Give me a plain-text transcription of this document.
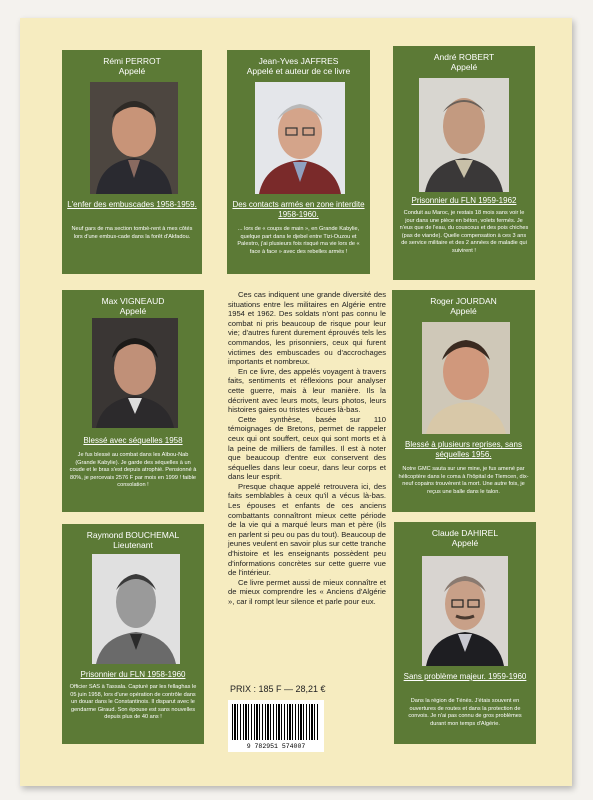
Rémi PERROT
Appelé
L'enfer des embuscades 1958-1959.
Neuf gars de ma section tombè-rent à mes côtés lors d'une embus-cade dans la forêt d'Akfadou.
Jean-Yves JAFFRES
Appelé et auteur de ce livre
Des contacts armés en zone interdite 1958-1960.
... lors de « coups de main », en Grande Kabylie, quelque part dans le djebel entre Tizi-Ouzou et Palestro, j'ai plusieurs fois risqué ma vie lors de « face à face » avec des rebelles armés !
André ROBERT
Appelé
Prisonnier du FLN 1959-1962
Conduit au Maroc, je restais 18 mois sans voir le jour dans une pièce en béton, volets fermés. Je n'eus que de l'eau, du couscous et des pois chiches (pas de viande). Quelle compensation à ces 3 ans de service militaire et des 2 années de maladie qui suivirent !
Max VIGNEAUD
Appelé
Blessé avec séquelles 1958
Je fus blessé au combat dans les Aïbou-Nab (Grande Kabylie). Je garde des séquelles à un coude et le bras s'est depuis atrophié. Pensionné à 80%, je percevais 2576 F par mois en 1999 ! faible consolation !
Roger JOURDAN
Appelé
Blessé à plusieurs reprises, sans séquelles 1956.
Notre GMC sauta sur une mine, je fus amené par hélicoptère dans le coma à l'hôpital de Tlemcen, dix-neuf copains trouvèrent la mort. Une autre fois, je reçus une balle dans le talon.
Raymond BOUCHEMAL
Lieutenant
Prisonnier du FLN 1958-1960
Officier SAS à Tassala. Capturé par les fellaghas le 05 juin 1958, lors d'une opération de contrôle dans un douar dans le Constantinois. Il disparut avec le gendarme Giraud. Son épouse est sans nouvelles depuis plus de 40 ans !
Claude DAHIREL
Appelé
Sans problème majeur. 1959-1960
Dans la région de Ténès. J'étais souvent en ouvertures de routes et dans la protection de convois. Je n'ai pas connu de gros problèmes durant mon temps d'Algérie.

Ces cas indiquent une grande diversité des situations entre les militaires en Algérie entre 1954 et 1962. Des soldats n'ont pas connu le combat ni pris beaucoup de risque pour leur vie; d'autres furent durement éprouvés tels les commandos, les prisonniers, ceux qui furent victimes des embuscades ou d'accrochages importants et nombreux.

En ce livre, des appelés voyagent à travers faits, sentiments et réflexions pour analyser cette guerre, mais à leur manière. Ils la décrivent avec leurs mots, leurs photos, leurs histoires gaies ou tristes vécues là-bas.

Cette synthèse, basée sur 110 témoignages de Bretons, permet de rappeler ceux qui ont souffert, ceux qui sont morts et à la peine de milliers de familles. Il est à noter que beaucoup d'entre eux conservent des séquelles dans leur coeur, dans leur corps et dans leur esprit.

Presque chaque appelé retrouvera ici, des faits semblables à ceux qu'il a vécus là-bas. Les épouses et enfants de ces anciens combattants connaîtront mieux cette période de la vie qui a marqué leurs man et père (ils en parlent si peu ou pas du tout). Beaucoup de jeunes veulent en savoir plus sur cette tranche d'histoire et les enseignants possèdent peu d'informations concrètes sur cette guerre vue de l'intérieur.

Ce livre permet aussi de mieux connaître et de mieux comprendre les « Anciens d'Algérie », car il rompt leur silence et parle pour eux.

PRIX : 185 F — 28,21 €
9 782951 574007
